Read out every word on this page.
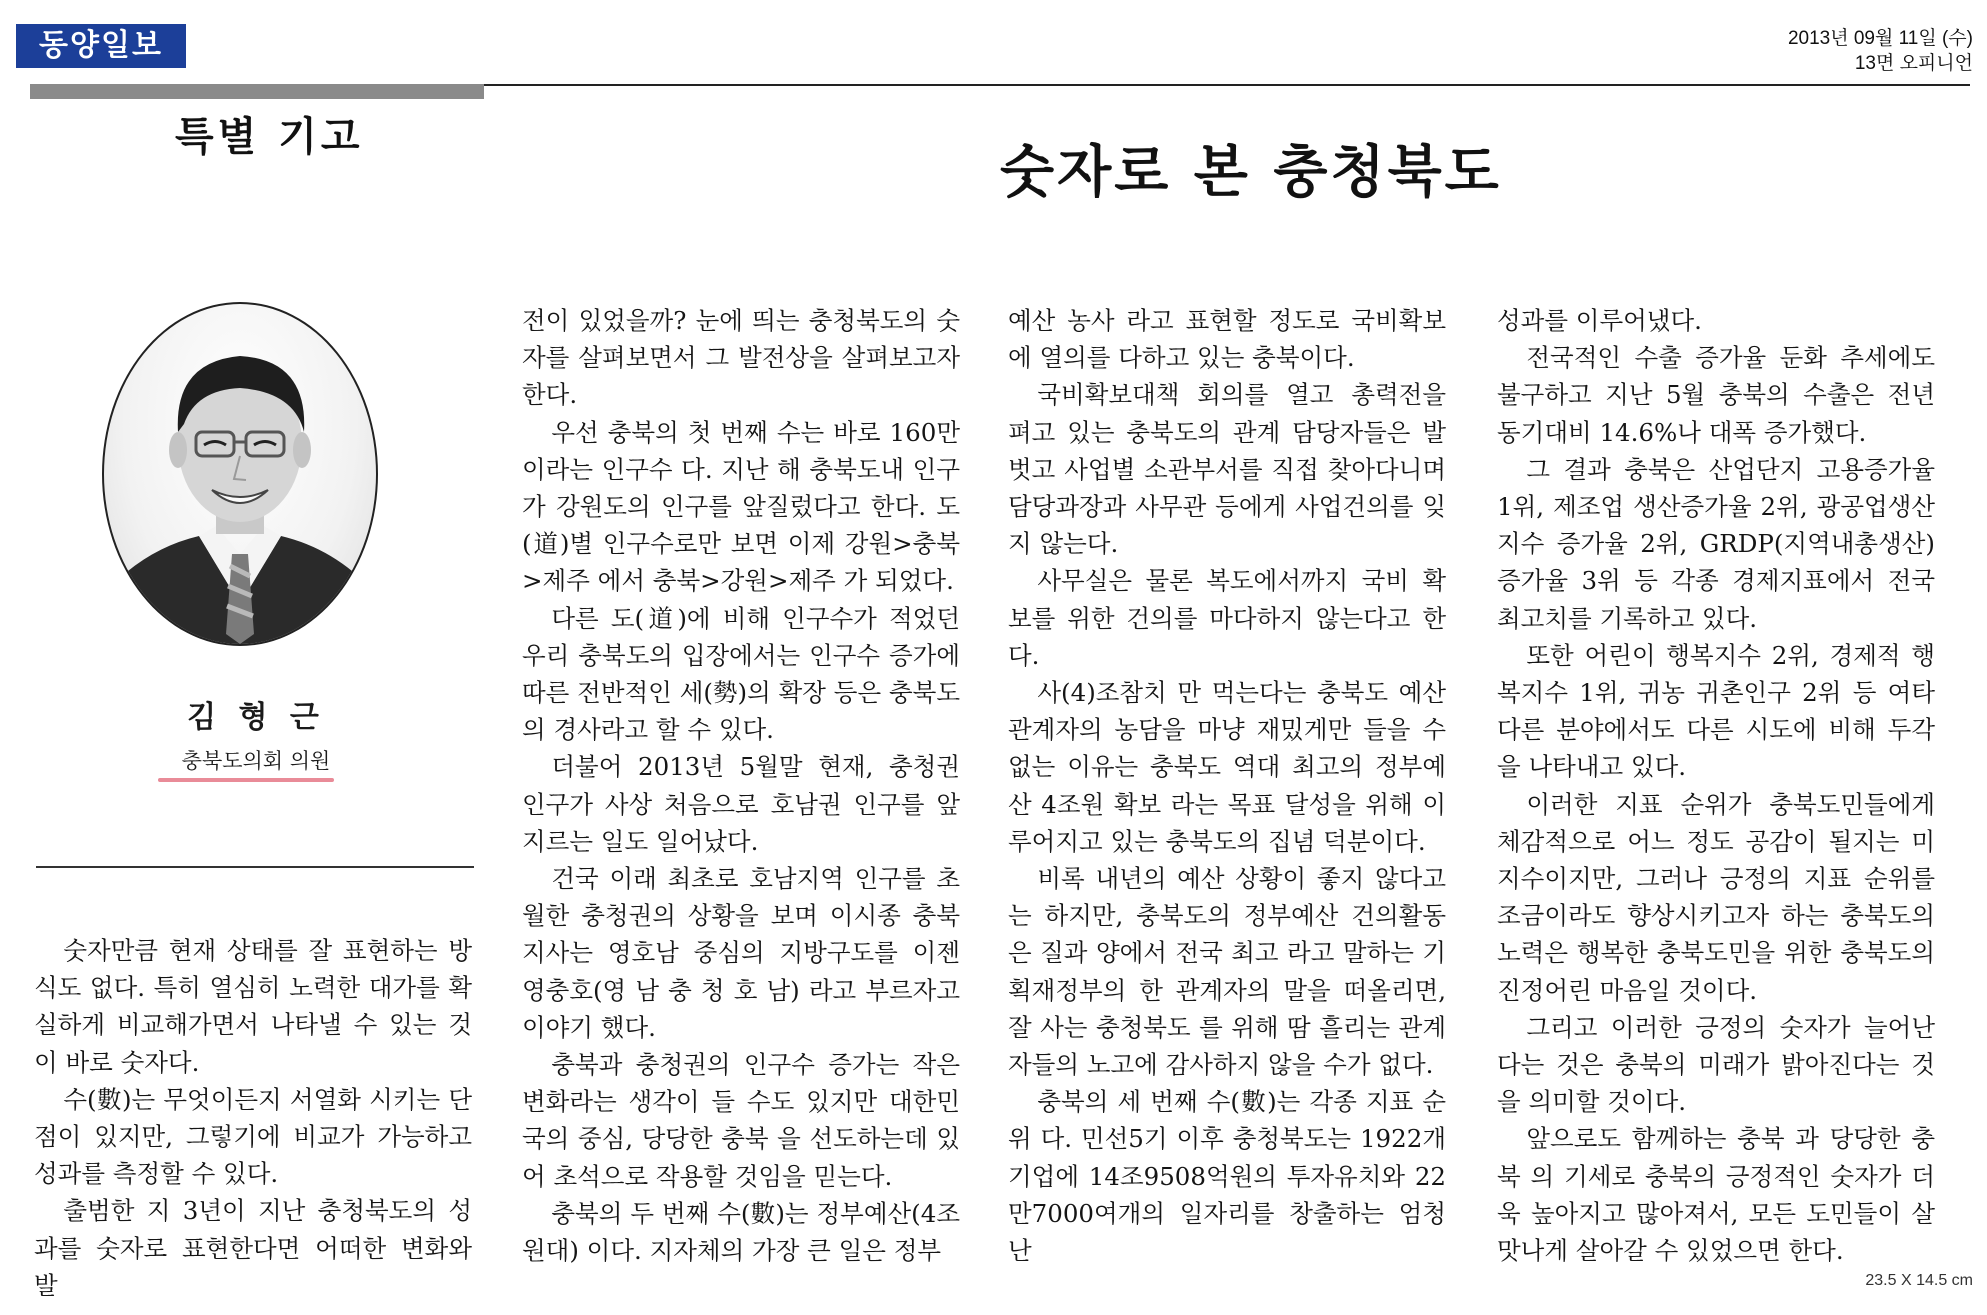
동양일보	2013년 09월 11일 (수)
13면 오피니언
특별 기고
숫자로 본 충청북도
김 형 근
충북도의회 의원

숫자만큼 현재 상태를 잘 표현하는 방식도 없다. 특히 열심히 노력한 대가를 확실하게 비교해가면서 나타낼 수 있는 것이 바로 숫자다.

수(數)는 무엇이든지 서열화 시키는 단점이 있지만, 그렇기에 비교가 가능하고 성과를 측정할 수 있다.

출범한 지 3년이 지난 충청북도의 성과를 숫자로 표현한다면 어떠한 변화와 발

전이 있었을까? 눈에 띄는 충청북도의 숫자를 살펴보면서 그 발전상을 살펴보고자 한다.

우선 충북의 첫 번째 수는 바로 160만이라는 인구수 다. 지난 해 충북도내 인구가 강원도의 인구를 앞질렀다고 한다. 도(道)별 인구수로만 보면 이제 강원>충북>제주 에서 충북>강원>제주 가 되었다.

다른 도(道)에 비해 인구수가 적었던 우리 충북도의 입장에서는 인구수 증가에 따른 전반적인 세(勢)의 확장 등은 충북도의 경사라고 할 수 있다.

더불어 2013년 5월말 현재, 충청권 인구가 사상 처음으로 호남권 인구를 앞지르는 일도 일어났다.

건국 이래 최초로 호남지역 인구를 초월한 충청권의 상황을 보며 이시종 충북지사는 영호남 중심의 지방구도를 이젠 영충호(영 남 충 청 호 남) 라고 부르자고 이야기 했다.

충북과 충청권의 인구수 증가는 작은 변화라는 생각이 들 수도 있지만 대한민국의 중심, 당당한 충북 을 선도하는데 있어 초석으로 작용할 것임을 믿는다.

충북의 두 번째 수(數)는 정부예산(4조원대) 이다. 지자체의 가장 큰 일은 정부

예산 농사 라고 표현할 정도로 국비확보에 열의를 다하고 있는 충북이다.

국비확보대책 회의를 열고 총력전을 펴고 있는 충북도의 관계 담당자들은 발벗고 사업별 소관부서를 직접 찾아다니며 담당과장과 사무관 등에게 사업건의를 잊지 않는다.

사무실은 물론 복도에서까지 국비 확보를 위한 건의를 마다하지 않는다고 한다.

사(4)조참치 만 먹는다는 충북도 예산 관계자의 농담을 마냥 재밌게만 들을 수 없는 이유는 충북도 역대 최고의 정부예산 4조원 확보 라는 목표 달성을 위해 이루어지고 있는 충북도의 집념 덕분이다.

비록 내년의 예산 상황이 좋지 않다고는 하지만, 충북도의 정부예산 건의활동은 질과 양에서 전국 최고 라고 말하는 기획재정부의 한 관계자의 말을 떠올리면, 잘 사는 충청북도 를 위해 땀 흘리는 관계자들의 노고에 감사하지 않을 수가 없다.

충북의 세 번째 수(數)는 각종 지표 순위 다. 민선5기 이후 충청북도는 1922개 기업에 14조9508억원의 투자유치와 22만7000여개의 일자리를 창출하는 엄청난

성과를 이루어냈다.

전국적인 수출 증가율 둔화 추세에도 불구하고 지난 5월 충북의 수출은 전년 동기대비 14.6%나 대폭 증가했다.

그 결과 충북은 산업단지 고용증가율 1위, 제조업 생산증가율 2위, 광공업생산지수 증가율 2위, GRDP(지역내총생산) 증가율 3위 등 각종 경제지표에서 전국 최고치를 기록하고 있다.

또한 어린이 행복지수 2위, 경제적 행복지수 1위, 귀농 귀촌인구 2위 등 여타 다른 분야에서도 다른 시도에 비해 두각을 나타내고 있다.

이러한 지표 순위가 충북도민들에게 체감적으로 어느 정도 공감이 될지는 미지수이지만, 그러나 긍정의 지표 순위를 조금이라도 향상시키고자 하는 충북도의 노력은 행복한 충북도민을 위한 충북도의 진정어린 마음일 것이다.

그리고 이러한 긍정의 숫자가 늘어난다는 것은 충북의 미래가 밝아진다는 것을 의미할 것이다.

앞으로도 함께하는 충북 과 당당한 충북 의 기세로 충북의 긍정적인 숫자가 더욱 높아지고 많아져서, 모든 도민들이 살맛나게 살아갈 수 있었으면 한다.

23.5 X 14.5 cm
